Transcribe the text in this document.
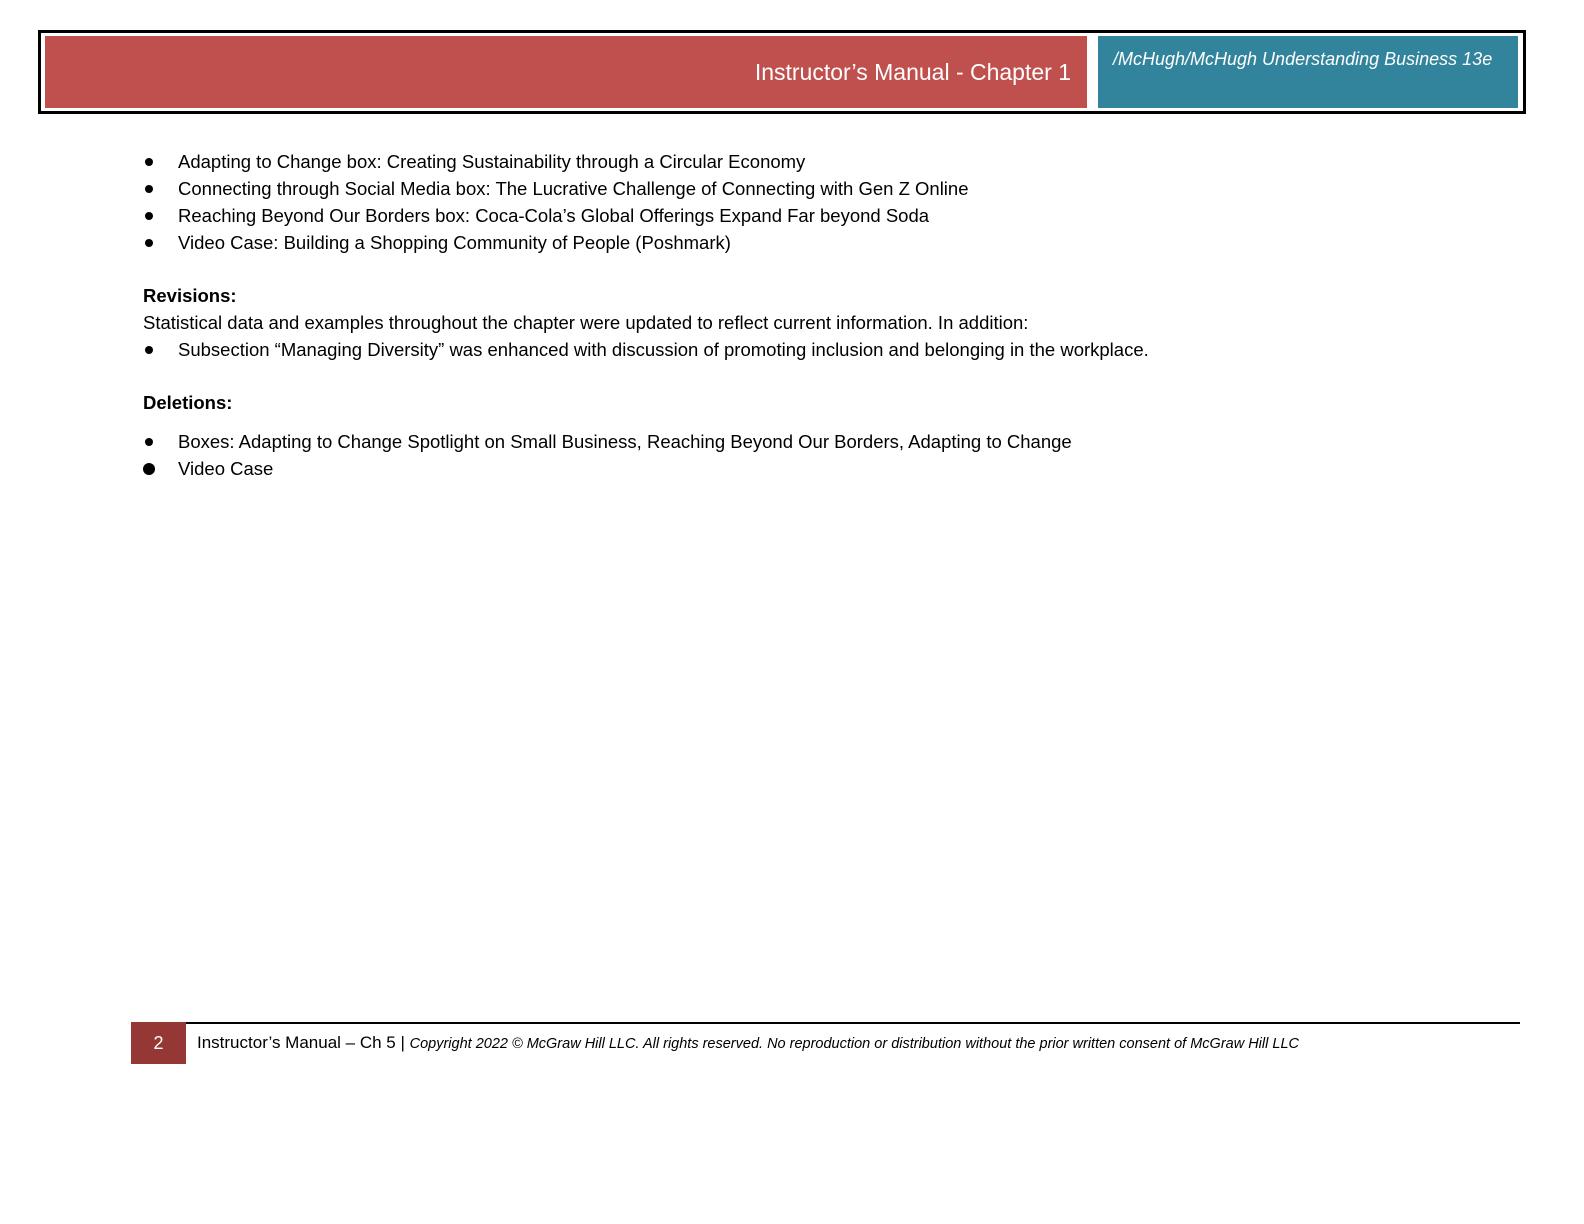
Instructor’s Manual - Chapter 1	/McHugh/McHugh Understanding Business 13e
Adapting to Change box: Creating Sustainability through a Circular Economy
Connecting through Social Media box: The Lucrative Challenge of Connecting with Gen Z Online
Reaching Beyond Our Borders box: Coca-Cola’s Global Offerings Expand Far beyond Soda
Video Case: Building a Shopping Community of People (Poshmark)
Revisions:
Statistical data and examples throughout the chapter were updated to reflect current information. In addition:
Subsection “Managing Diversity” was enhanced with discussion of promoting inclusion and belonging in the workplace.
Deletions:
Boxes: Adapting to Change Spotlight on Small Business, Reaching Beyond Our Borders, Adapting to Change
Video Case
2 Instructor’s Manual – Ch 5 | Copyright 2022 © McGraw Hill LLC. All rights reserved. No reproduction or distribution without the prior written consent of McGraw Hill LLC
